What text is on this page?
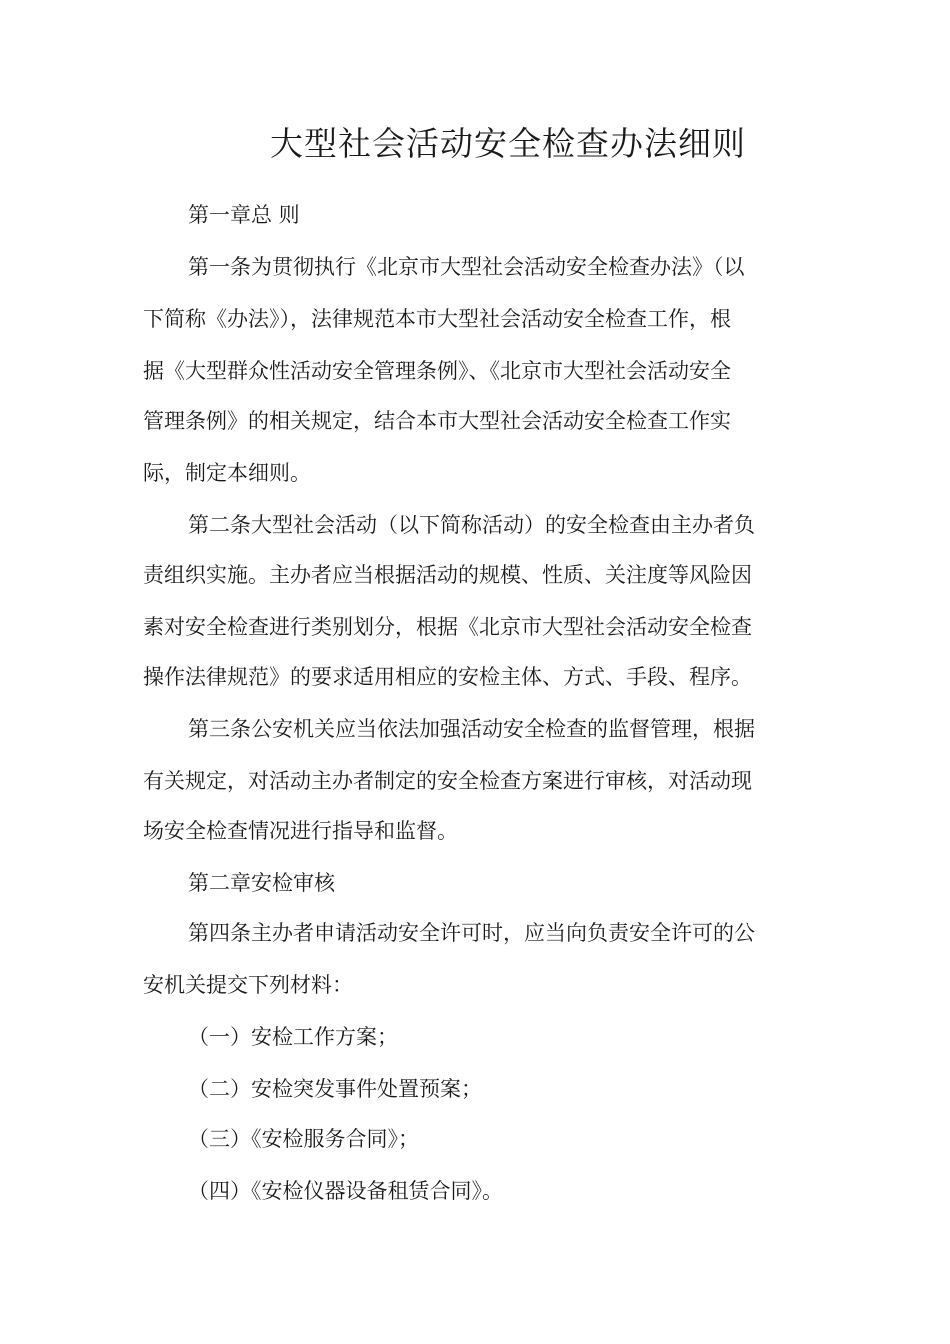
大型社会活动安全检查办法细则
第一章总 则
第一条为贯彻执行《北京市大型社会活动安全检查办法》（以
下简称《办法》），法律规范本市大型社会活动安全检查工作，根
据《大型群众性活动安全管理条例》、《北京市大型社会活动安全
管理条例》的相关规定，结合本市大型社会活动安全检查工作实
际，制定本细则。
第二条大型社会活动（以下简称活动）的安全检查由主办者负
责组织实施。主办者应当根据活动的规模、性质、关注度等风险因
素对安全检查进行类别划分，根据《北京市大型社会活动安全检查
操作法律规范》的要求适用相应的安检主体、方式、手段、程序。
第三条公安机关应当依法加强活动安全检查的监督管理，根据
有关规定，对活动主办者制定的安全检查方案进行审核，对活动现
场安全检查情况进行指导和监督。
第二章安检审核
第四条主办者申请活动安全许可时，应当向负责安全许可的公
安机关提交下列材料：
（一）安检工作方案；
（二）安检突发事件处置预案；
（三）《安检服务合同》；
（四）《安检仪器设备租赁合同》。
